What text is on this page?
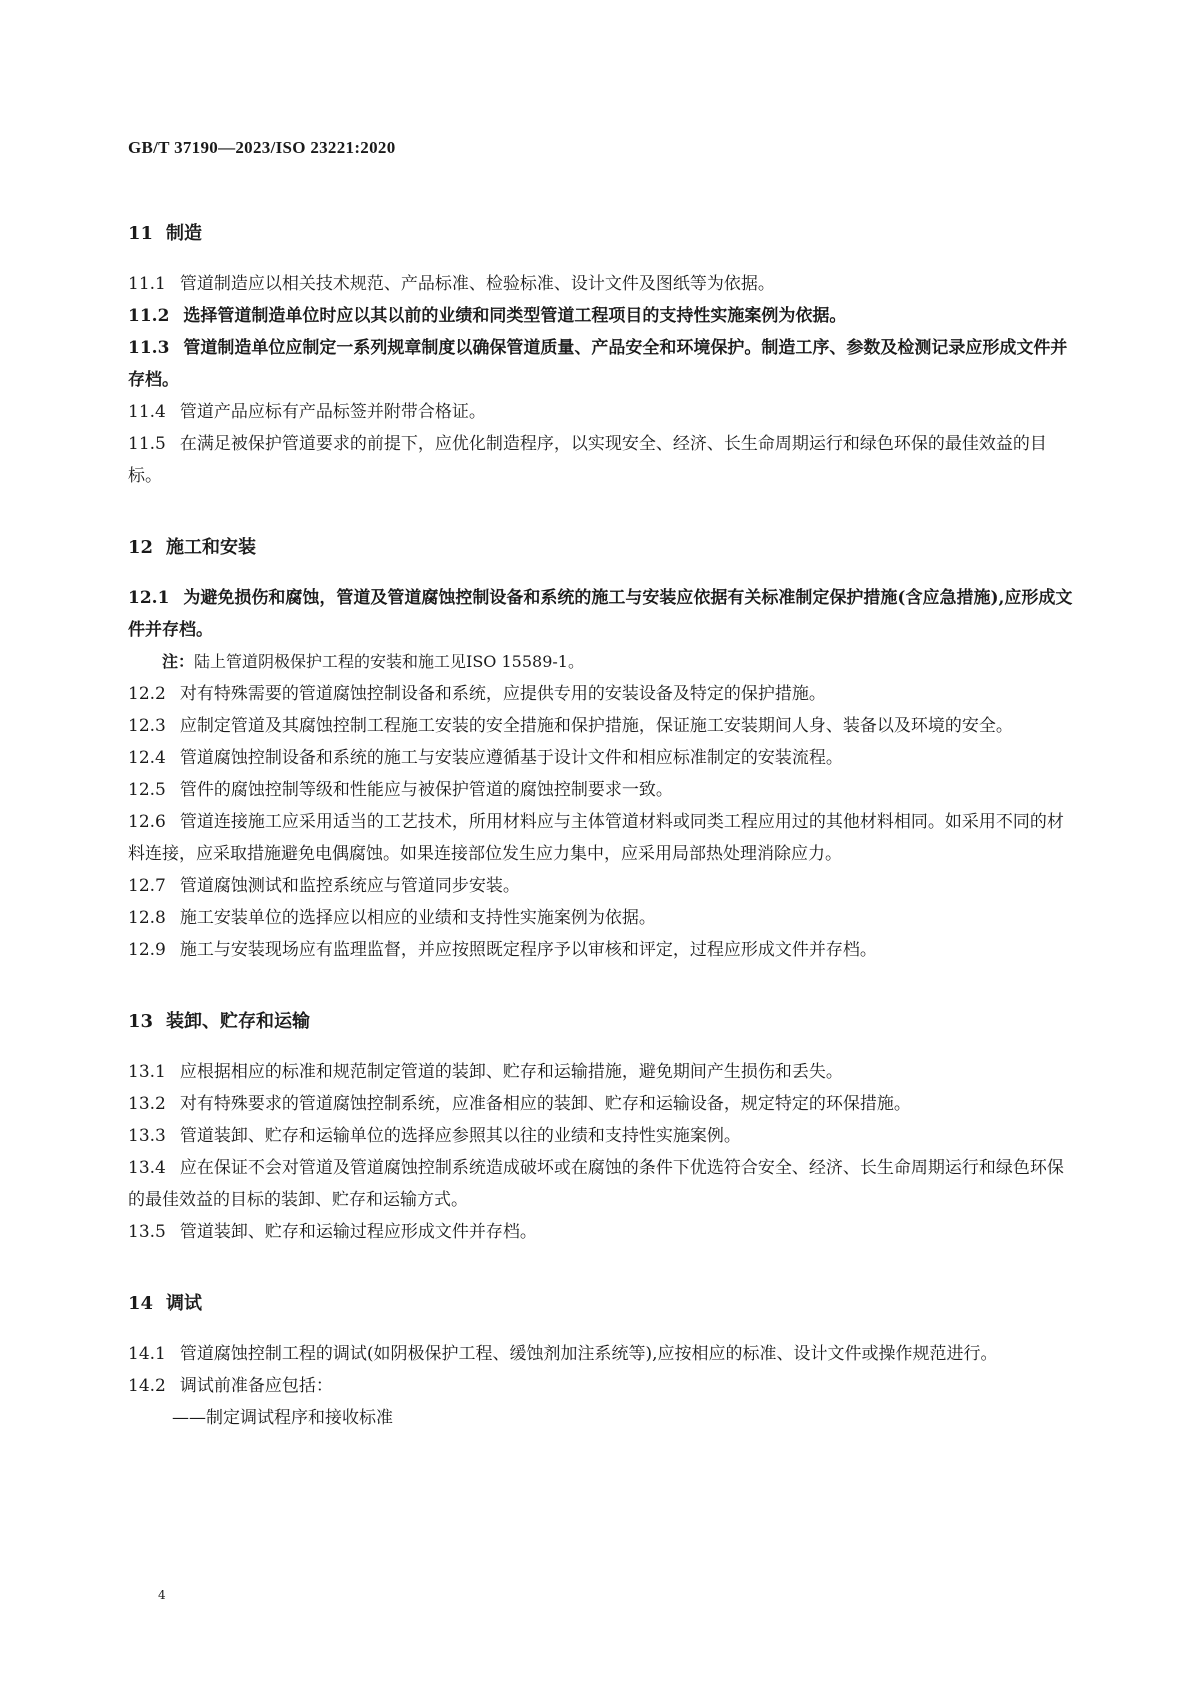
GB/T 37190—2023/ISO 23221:2020
11 制造
11.1 管道制造应以相关技术规范、产品标准、检验标准、设计文件及图纸等为依据。
11.2 选择管道制造单位时应以其以前的业绩和同类型管道工程项目的支持性实施案例为依据。
11.3 管道制造单位应制定一系列规章制度以确保管道质量、产品安全和环境保护。制造工序、参数及检测记录应形成文件并存档。
11.4 管道产品应标有产品标签并附带合格证。
11.5 在满足被保护管道要求的前提下，应优化制造程序，以实现安全、经济、长生命周期运行和绿色环保的最佳效益的目标。
12 施工和安装
12.1 为避免损伤和腐蚀，管道及管道腐蚀控制设备和系统的施工与安装应依据有关标准制定保护措施(含应急措施),应形成文件并存档。
注：陆上管道阴极保护工程的安装和施工见ISO 15589-1。
12.2 对有特殊需要的管道腐蚀控制设备和系统，应提供专用的安装设备及特定的保护措施。
12.3 应制定管道及其腐蚀控制工程施工安装的安全措施和保护措施，保证施工安装期间人身、装备以及环境的安全。
12.4 管道腐蚀控制设备和系统的施工与安装应遵循基于设计文件和相应标准制定的安装流程。
12.5 管件的腐蚀控制等级和性能应与被保护管道的腐蚀控制要求一致。
12.6 管道连接施工应采用适当的工艺技术，所用材料应与主体管道材料或同类工程应用过的其他材料相同。如采用不同的材料连接，应采取措施避免电偶腐蚀。如果连接部位发生应力集中，应采用局部热处理消除应力。
12.7 管道腐蚀测试和监控系统应与管道同步安装。
12.8 施工安装单位的选择应以相应的业绩和支持性实施案例为依据。
12.9 施工与安装现场应有监理监督，并应按照既定程序予以审核和评定，过程应形成文件并存档。
13 装卸、贮存和运输
13.1 应根据相应的标准和规范制定管道的装卸、贮存和运输措施，避免期间产生损伤和丢失。
13.2 对有特殊要求的管道腐蚀控制系统，应准备相应的装卸、贮存和运输设备，规定特定的环保措施。
13.3 管道装卸、贮存和运输单位的选择应参照其以往的业绩和支持性实施案例。
13.4 应在保证不会对管道及管道腐蚀控制系统造成破坏或在腐蚀的条件下优选符合安全、经济、长生命周期运行和绿色环保的最佳效益的目标的装卸、贮存和运输方式。
13.5 管道装卸、贮存和运输过程应形成文件并存档。
14 调试
14.1 管道腐蚀控制工程的调试(如阴极保护工程、缓蚀剂加注系统等),应按相应的标准、设计文件或操作规范进行。
14.2 调试前准备应包括：
——制定调试程序和接收标准
4
